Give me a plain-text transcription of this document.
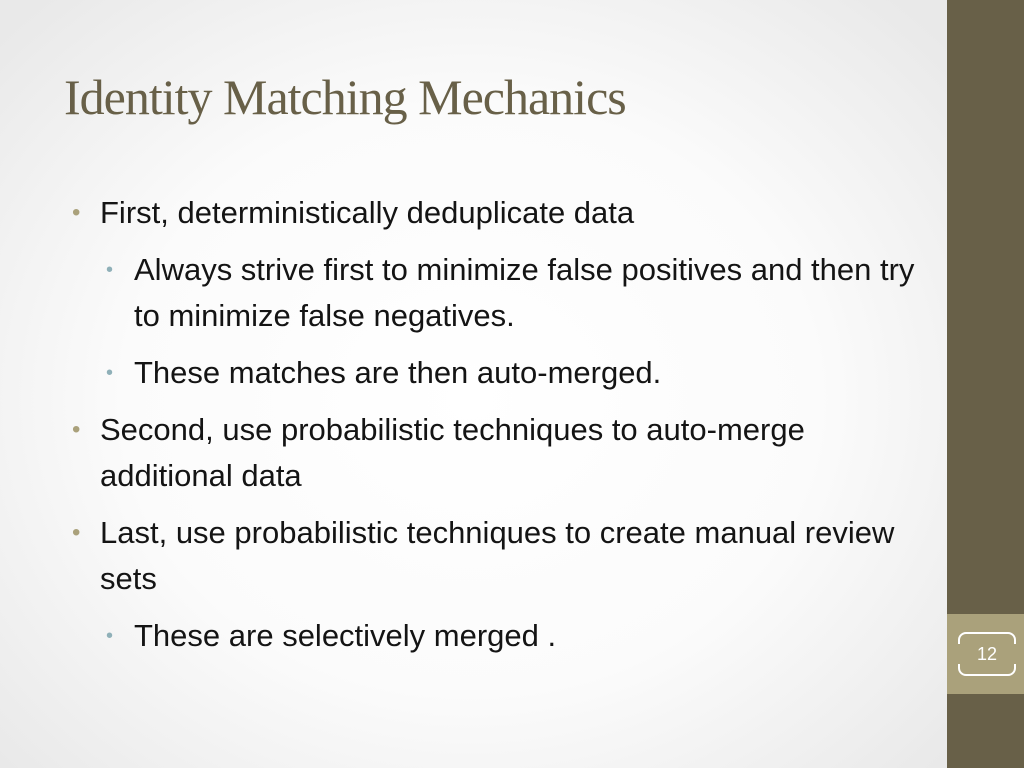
12
Identity Matching Mechanics
• First, deterministically deduplicate data
• Always strive first to minimize false positives and then try to minimize false negatives.
• These matches are then auto-merged.
• Second, use probabilistic techniques to auto-merge additional data
• Last, use probabilistic techniques to create manual review sets
• These are selectively merged .
